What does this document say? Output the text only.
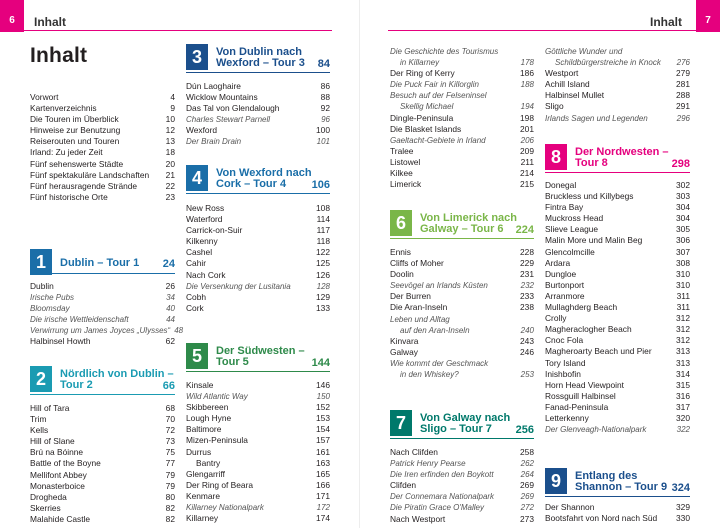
6	Inhalt	Inhalt	7
Inhalt
Vorwort	4
Kartenverzeichnis	9
Die Touren im Überblick	10
Hinweise zur Benutzung	12
Reiserouten und Touren	13
Irland: Zu jeder Zeit	18
Fünf sehenswerte Städte	20
Fünf spektakuläre Landschaften	21
Fünf herausragende Strände	22
Fünf historische Orte	23
1	Dublin – Tour 1 24
Dublin	26
Irische Pubs	34
Bloomsday	40
Die irische Wettleidenschaft	44
Verwirrung um James Joyces „Ulysses“ 48
Halbinsel Howth	62
2	Nördlich von Dublin –
Tour 2	66
Hill of Tara	68
Trim	70
Kells	72
Hill of Slane	73
Brú na Bóinne	75
Battle of the Boyne	77
Mellifont Abbey	79
Monasterboice	79
Drogheda	80
Skerries	82
Malahide Castle	82
3	Von Dublin nach
Wexford – Tour 3 84
Dún Laoghaire	86
Wicklow Mountains	88
Das Tal von Glendalough	92
Charles Stewart Parnell	96
Wexford	100
Der Brain Drain	101
4	Von Wexford nach
Cork – Tour 4 106
New Ross	108
Waterford	114
Carrick-on-Suir	117
Kilkenny	118
Cashel	122
Cahir	125
Nach Cork	126
Die Versenkung der Lusitania	128
Cobh	129
Cork	133
5	Der Südwesten –
Tour 5	144
Kinsale	146
Wild Atlantic Way	150
Skibbereen	152
Lough Hyne	153
Baltimore	154
Mizen-Peninsula	157
Durrus	161
Bantry	163
Glengarriff	165
Der Ring of Beara	166
Kenmare	171
Killarney Nationalpark	172
Killarney	174
Die Geschichte des Tourismus
in Killarney	178
Der Ring of Kerry	186
Die Puck Fair in Killorglin	188
Besuch auf der Felseninsel
Skellig Michael	194
Dingle-Peninsula	198
Die Blasket Islands	201
Gaeltacht-Gebiete in Irland	206
Tralee	209
Listowel	211
Kilkee	214
Limerick	215
6	Von Limerick nach
Galway – Tour 6 224
Ennis	228
Cliffs of Moher	229
Doolin	231
Seevögel an Irlands Küsten	232
Der Burren	233
Die Aran-Inseln	238
Leben und Alltag
auf den Aran-Inseln	240
Kinvara	243
Galway	246
Wie kommt der Geschmack
in den Whiskey?	253
7	Von Galway nach
Sligo – Tour 7 256
Nach Clifden	258
Patrick Henry Pearse	262
Die Iren erfinden den Boykott	264
Clifden	269
Der Connemara Nationalpark	269
Die Piratin Grace O'Malley	272
Nach Westport	273
Göttliche Wunder und
Schildbürgerstreiche in Knock	276
Westport	279
Achill Island	281
Halbinsel Mullet	288
Sligo	291
Irlands Sagen und Legenden	296
8	Der Nordwesten –
Tour 8	298
Donegal	302
Bruckless und Killybegs	303
Fintra Bay	304
Muckross Head	304
Slieve League	305
Malin More und Malin Beg	306
Glencolmcille	307
Ardara	308
Dungloe	310
Burtonport	310
Arranmore	311
Mullaghderg Beach	311
Crolly	312
Magheraclogher Beach	312
Cnoc Fola	312
Magheroarty Beach und Pier	313
Tory Island	313
Inishbofin	314
Horn Head Viewpoint	315
Rossguill Halbinsel	316
Fanad-Peninsula	317
Letterkenny	320
Der Glenveagh-Nationalpark	322
9	Entlang des
Shannon – Tour 9 324
Der Shannon	329
Bootsfahrt von Nord nach Süd	330
